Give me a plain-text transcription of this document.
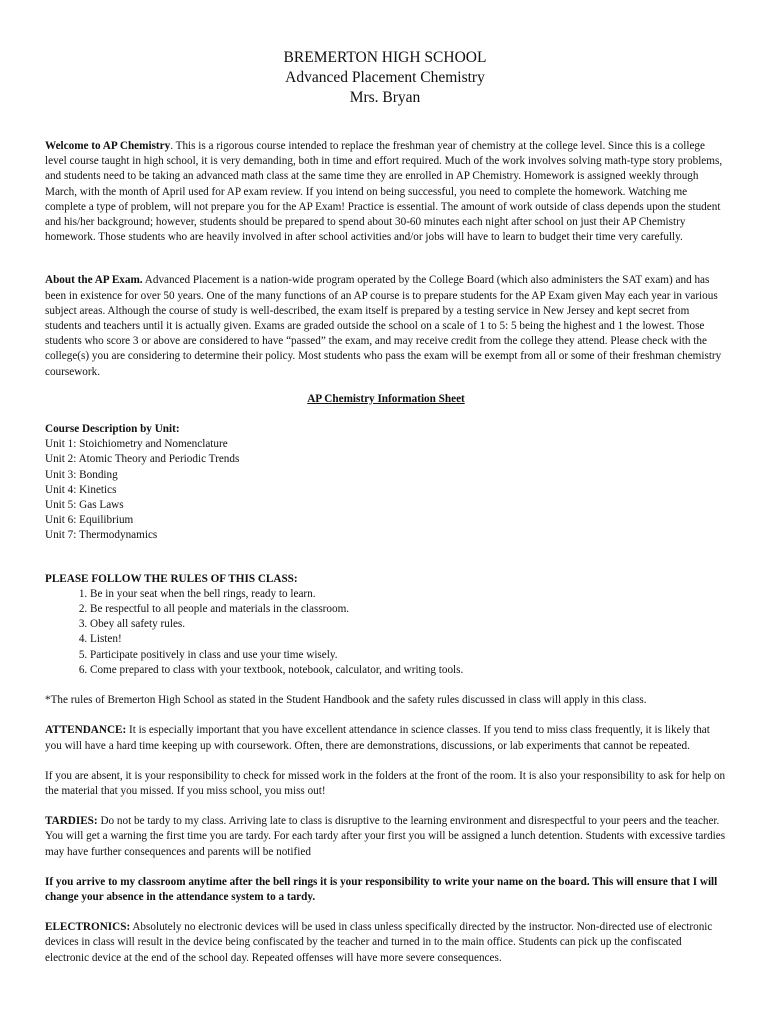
BREMERTON HIGH SCHOOL
Advanced Placement Chemistry
Mrs. Bryan

Welcome to AP Chemistry. This is a rigorous course intended to replace the freshman year of chemistry at the college level. Since this is a college level course taught in high school, it is very demanding, both in time and effort required. Much of the work involves solving math-type story problems, and students need to be taking an advanced math class at the same time they are enrolled in AP Chemistry. Homework is assigned weekly through March, with the month of April used for AP exam review. If you intend on being successful, you need to complete the homework. Watching me complete a type of problem, will not prepare you for the AP Exam! Practice is essential. The amount of work outside of class depends upon the student and his/her background; however, students should be prepared to spend about 30-60 minutes each night after school on just their AP Chemistry homework. Those students who are heavily involved in after school activities and/or jobs will have to learn to budget their time very carefully.

About the AP Exam. Advanced Placement is a nation-wide program operated by the College Board (which also administers the SAT exam) and has been in existence for over 50 years. One of the many functions of an AP course is to prepare students for the AP Exam given May each year in various subject areas. Although the course of study is well-described, the exam itself is prepared by a testing service in New Jersey and kept secret from students and teachers until it is actually given. Exams are graded outside the school on a scale of 1 to 5: 5 being the highest and 1 the lowest. Those students who score 3 or above are considered to have “passed” the exam, and may receive credit from the college they attend. Please check with the college(s) you are considering to determine their policy. Most students who pass the exam will be exempt from all or some of their freshman chemistry coursework.

AP Chemistry Information Sheet

Course Description by Unit:

Unit 1: Stoichiometry and Nomenclature
Unit 2: Atomic Theory and Periodic Trends
Unit 3: Bonding
Unit 4: Kinetics
Unit 5: Gas Laws
Unit 6: Equilibrium
Unit 7: Thermodynamics

PLEASE FOLLOW THE RULES OF THIS CLASS:

1. Be in your seat when the bell rings, ready to learn.
2. Be respectful to all people and materials in the classroom.
3. Obey all safety rules.
4. Listen!
5. Participate positively in class and use your time wisely.
6. Come prepared to class with your textbook, notebook, calculator, and writing tools.

*The rules of Bremerton High School as stated in the Student Handbook and the safety rules discussed in class will apply in this class.

ATTENDANCE: It is especially important that you have excellent attendance in science classes. If you tend to miss class frequently, it is likely that you will have a hard time keeping up with coursework. Often, there are demonstrations, discussions, or lab experiments that cannot be repeated.

If you are absent, it is your responsibility to check for missed work in the folders at the front of the room. It is also your responsibility to ask for help on the material that you missed. If you miss school, you miss out!

TARDIES: Do not be tardy to my class. Arriving late to class is disruptive to the learning environment and disrespectful to your peers and the teacher. You will get a warning the first time you are tardy. For each tardy after your first you will be assigned a lunch detention. Students with excessive tardies may have further consequences and parents will be notified

If you arrive to my classroom anytime after the bell rings it is your responsibility to write your name on the board. This will ensure that I will change your absence in the attendance system to a tardy.

ELECTRONICS: Absolutely no electronic devices will be used in class unless specifically directed by the instructor. Non-directed use of electronic devices in class will result in the device being confiscated by the teacher and turned in to the main office. Students can pick up the confiscated electronic device at the end of the school day. Repeated offenses will have more severe consequences.
